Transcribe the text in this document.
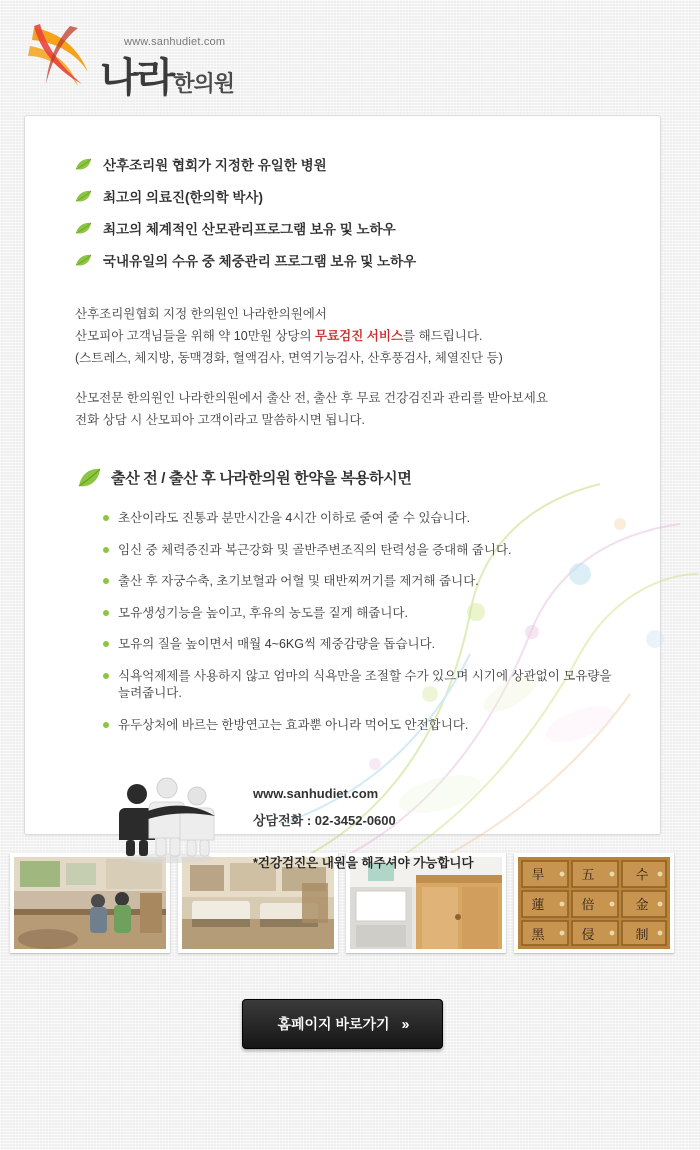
www.sanhudiet.com
나라한의원
산후조리원 협회가 지정한 유일한 병원
최고의 의료진(한의학 박사)
최고의 체계적인 산모관리프로그램 보유 및 노하우
국내유일의 수유 중 체중관리 프로그램 보유 및 노하우

산후조리원협회 지정 한의원인 나라한의원에서

산모피아 고객님들을 위해 약 10만원 상당의 무료검진 서비스를 해드립니다.

(스트레스, 체지방, 동맥경화, 혈액검사, 면역기능검사, 산후풍검사, 체열진단 등)

산모전문 한의원인 나라한의원에서 출산 전, 출산 후 무료 건강검진과 관리를 받아보세요

전화 상담 시 산모피아 고객이라고 말씀하시면 됩니다.

출산 전 / 출산 후 나라한의원 한약을 복용하시면
초산이라도 진통과 분만시간을 4시간 이하로 줄여 줄 수 있습니다.
임신 중 체력증진과 복근강화 및 골반주변조직의 탄력성을 증대해 줍니다.
출산 후 자궁수축, 초기보혈과 어혈 및 태반찌꺼기를 제거해 줍니다.
모유생성기능을 높이고, 후유의 농도를 짙게 해줍니다.
모유의 질을 높이면서 매월 4~6KG씩 제중감량을 돕습니다.
식욕억제제를 사용하지 않고 엄마의 식욕만을 조절할 수가 있으며 시기에 상관없이 모유량을 늘려줍니다.
유두상처에 바르는 한방연고는 효과뿐 아니라 먹어도 안전합니다.
www.sanhudiet.com
상담전화 : 02-3452-0600
*건강검진은 내원을 해주셔야 가능합니다
旱	五	수
蓮	倍	金
黑	侵	制
홈페이지 바로가기 ››
